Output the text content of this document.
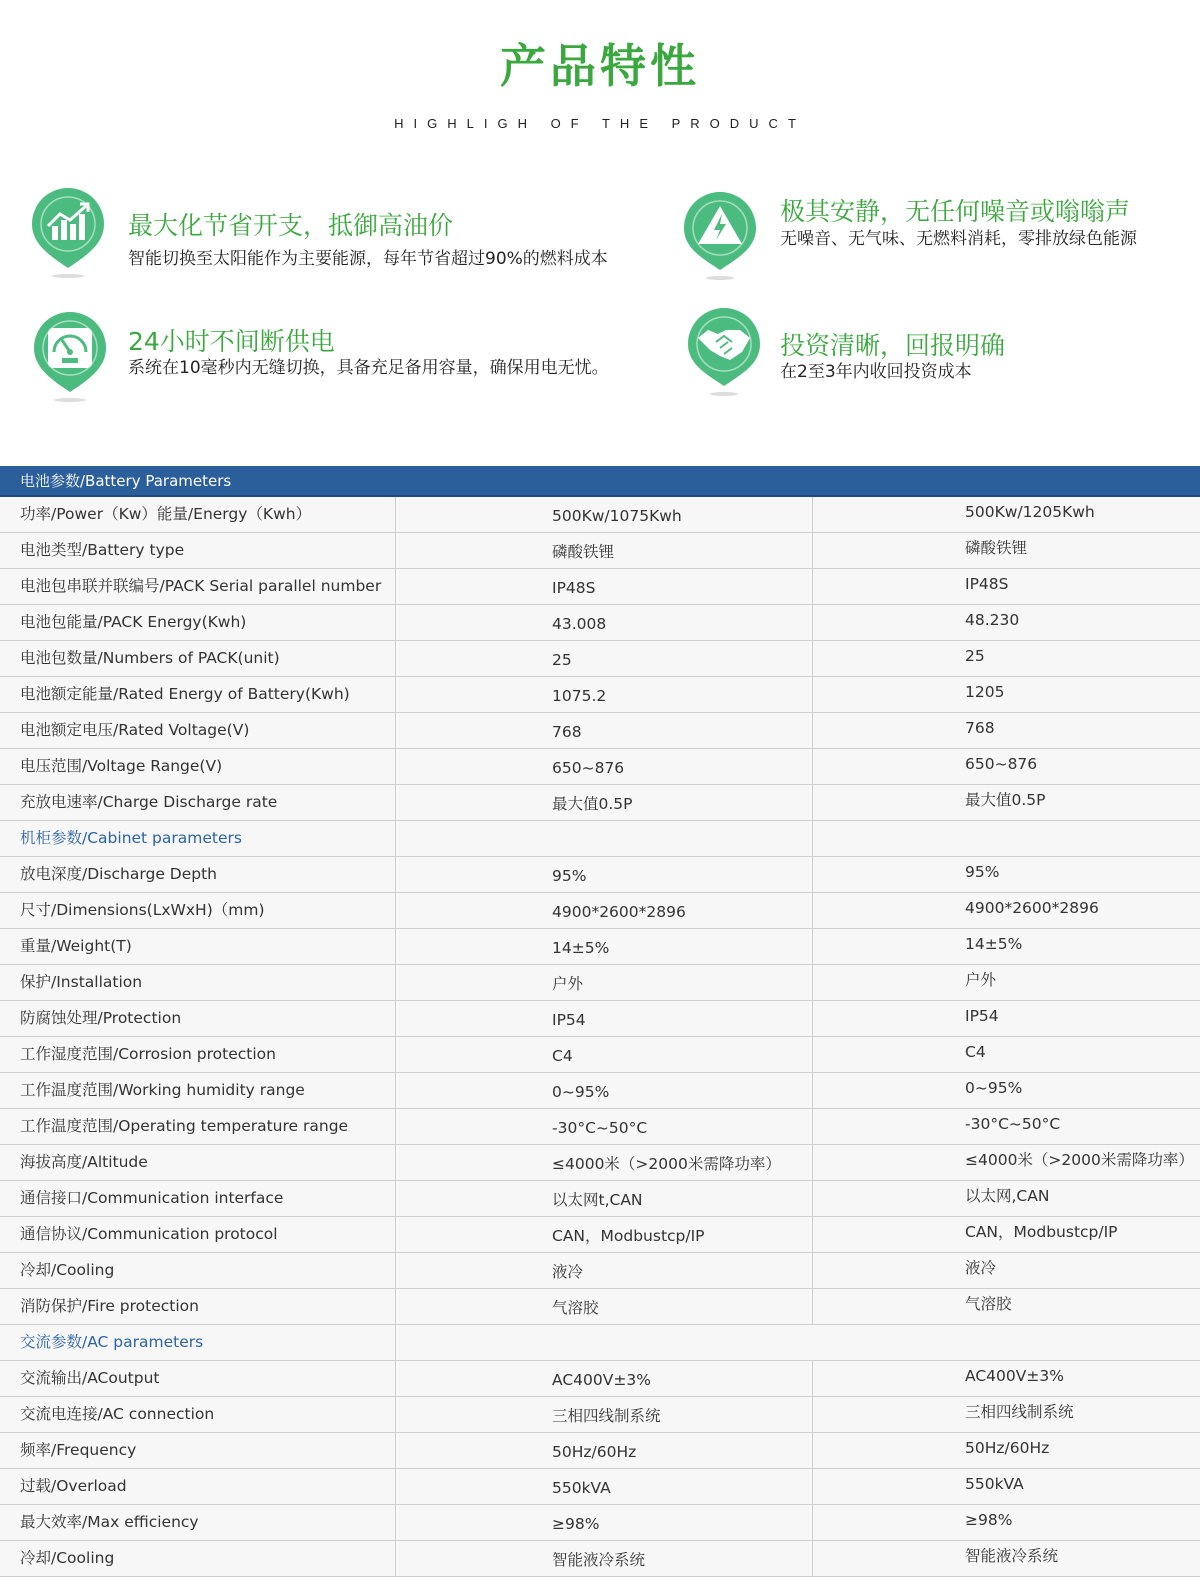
产品特性
HIGHLIGH OF THE PRODUCT
最大化节省开支，抵御高油价
智能切换至太阳能作为主要能源，每年节省超过90%的燃料成本
极其安静，无任何噪音或嗡嗡声
无噪音、无气味、无燃料消耗，零排放绿色能源
24小时不间断供电
系统在10毫秒内无缝切换，具备充足备用容量，确保用电无忧。
投资清晰，回报明确
在2至3年内收回投资成本
电池参数/Battery Parameters
功率/Power（Kw）能量/Energy（Kwh）	500Kw/1075Kwh	500Kw/1205Kwh
电池类型/Battery type	磷酸铁锂	磷酸铁锂
电池包串联并联编号/PACK Serial parallel number	IP48S	IP48S
电池包能量/PACK Energy(Kwh)	43.008	48.230
电池包数量/Numbers of PACK(unit)	25	25
电池额定能量/Rated Energy of Battery(Kwh)	1075.2	1205
电池额定电压/Rated Voltage(V)	768	768
电压范围/Voltage Range(V)	650~876	650~876
充放电速率/Charge Discharge rate	最大值0.5P	最大值0.5P
机柜参数/Cabinet parameters
放电深度/Discharge Depth	95%	95%
尺寸/Dimensions(LxWxH)（mm)	4900*2600*2896	4900*2600*2896
重量/Weight(T)	14±5%	14±5%
保护/Installation	户外	户外
防腐蚀处理/Protection	IP54	IP54
工作湿度范围/Corrosion protection	C4	C4
工作温度范围/Working humidity range	0~95%	0~95%
工作温度范围/Operating temperature range	-30°C~50°C	-30°C~50°C
海拔高度/Altitude	≤4000米（>2000米需降功率）	≤4000米（>2000米需降功率）
通信接口/Communication interface	以太网t,CAN	以太网,CAN
通信协议/Communication protocol	CAN，Modbustcp/IP	CAN，Modbustcp/IP
冷却/Cooling	液冷	液冷
消防保护/Fire protection	气溶胶	气溶胶
交流参数/AC parameters
交流输出/ACoutput	AC400V±3%	AC400V±3%
交流电连接/AC connection	三相四线制系统	三相四线制系统
频率/Frequency	50Hz/60Hz	50Hz/60Hz
过载/Overload	550kVA	550kVA
最大效率/Max efficiency	≥98%	≥98%
冷却/Cooling	智能液冷系统	智能液冷系统
